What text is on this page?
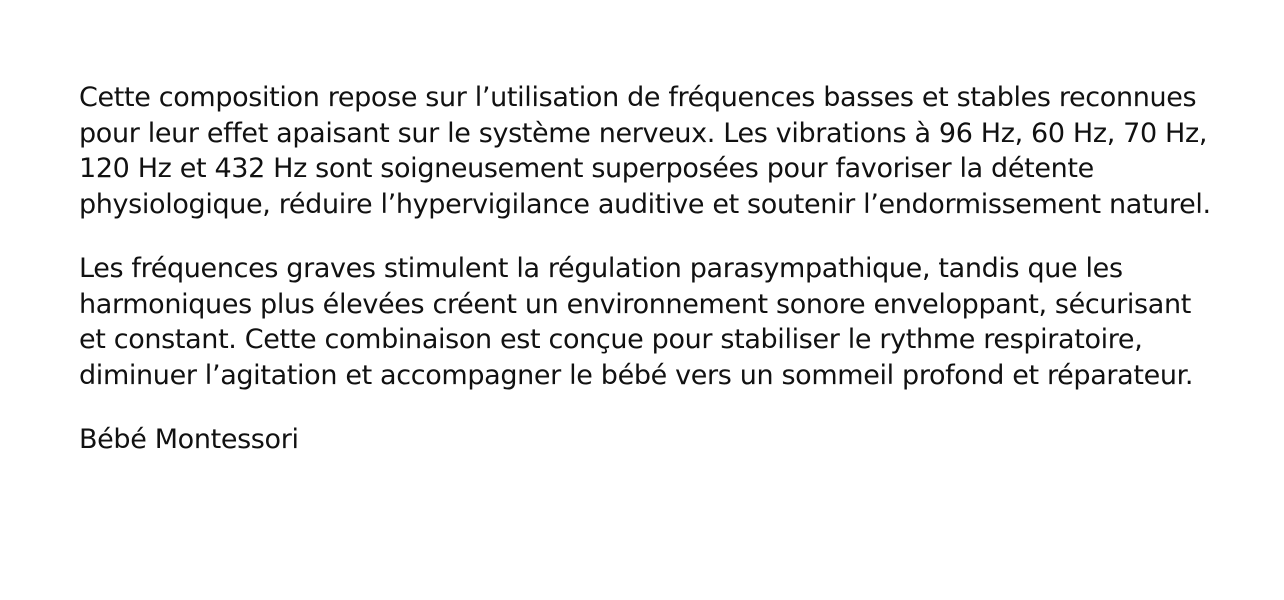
Cette composition repose sur l’utilisation de fréquences basses et stables reconnues pour leur effet apaisant sur le système nerveux. Les vibrations à 96 Hz, 60 Hz, 70 Hz, 120 Hz et 432 Hz sont soigneusement superposées pour favoriser la détente physiologique, réduire l’hypervigilance auditive et soutenir l’endormissement naturel.

Les fréquences graves stimulent la régulation parasympathique, tandis que les harmoniques plus élevées créent un environnement sonore enveloppant, sécurisant et constant. Cette combinaison est conçue pour stabiliser le rythme respiratoire, diminuer l’agitation et accompagner le bébé vers un sommeil profond et réparateur.

Bébé Montessori
